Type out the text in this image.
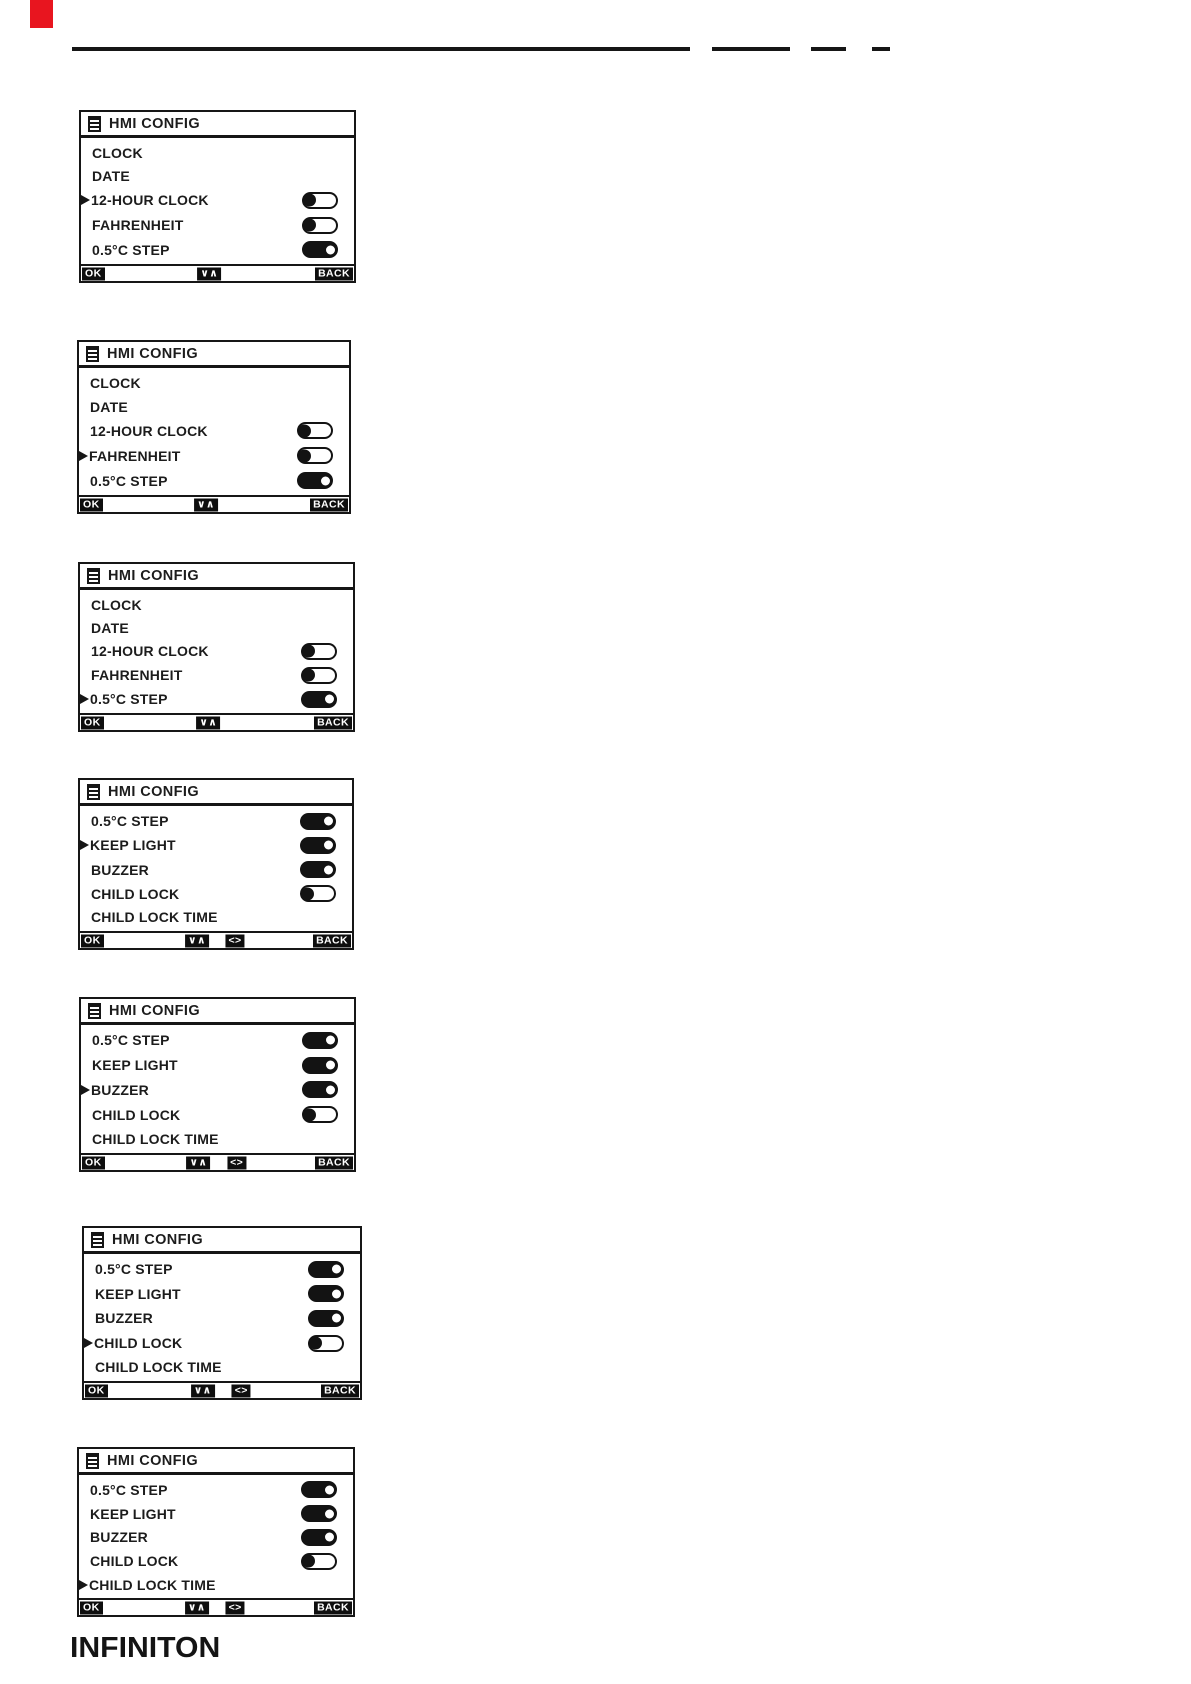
HMI CONFIG
CLOCK
DATE
12-HOUR CLOCK
FAHRENHEIT
0.5°C STEP
OK	∨∧	BACK
HMI CONFIG
CLOCK
DATE
12-HOUR CLOCK
FAHRENHEIT
0.5°C STEP
OK	∨∧	BACK
HMI CONFIG
CLOCK
DATE
12-HOUR CLOCK
FAHRENHEIT
0.5°C STEP
OK	∨∧	BACK
HMI CONFIG
0.5°C STEP
KEEP LIGHT
BUZZER
CHILD LOCK
CHILD LOCK TIME
OK	∨∧ <>	BACK
HMI CONFIG
0.5°C STEP
KEEP LIGHT
BUZZER
CHILD LOCK
CHILD LOCK TIME
OK	∨∧ <>	BACK
HMI CONFIG
0.5°C STEP
KEEP LIGHT
BUZZER
CHILD LOCK
CHILD LOCK TIME
OK	∨∧ <>	BACK
HMI CONFIG
0.5°C STEP
KEEP LIGHT
BUZZER
CHILD LOCK
CHILD LOCK TIME
OK	∨∧ <>	BACK
INFINITON
